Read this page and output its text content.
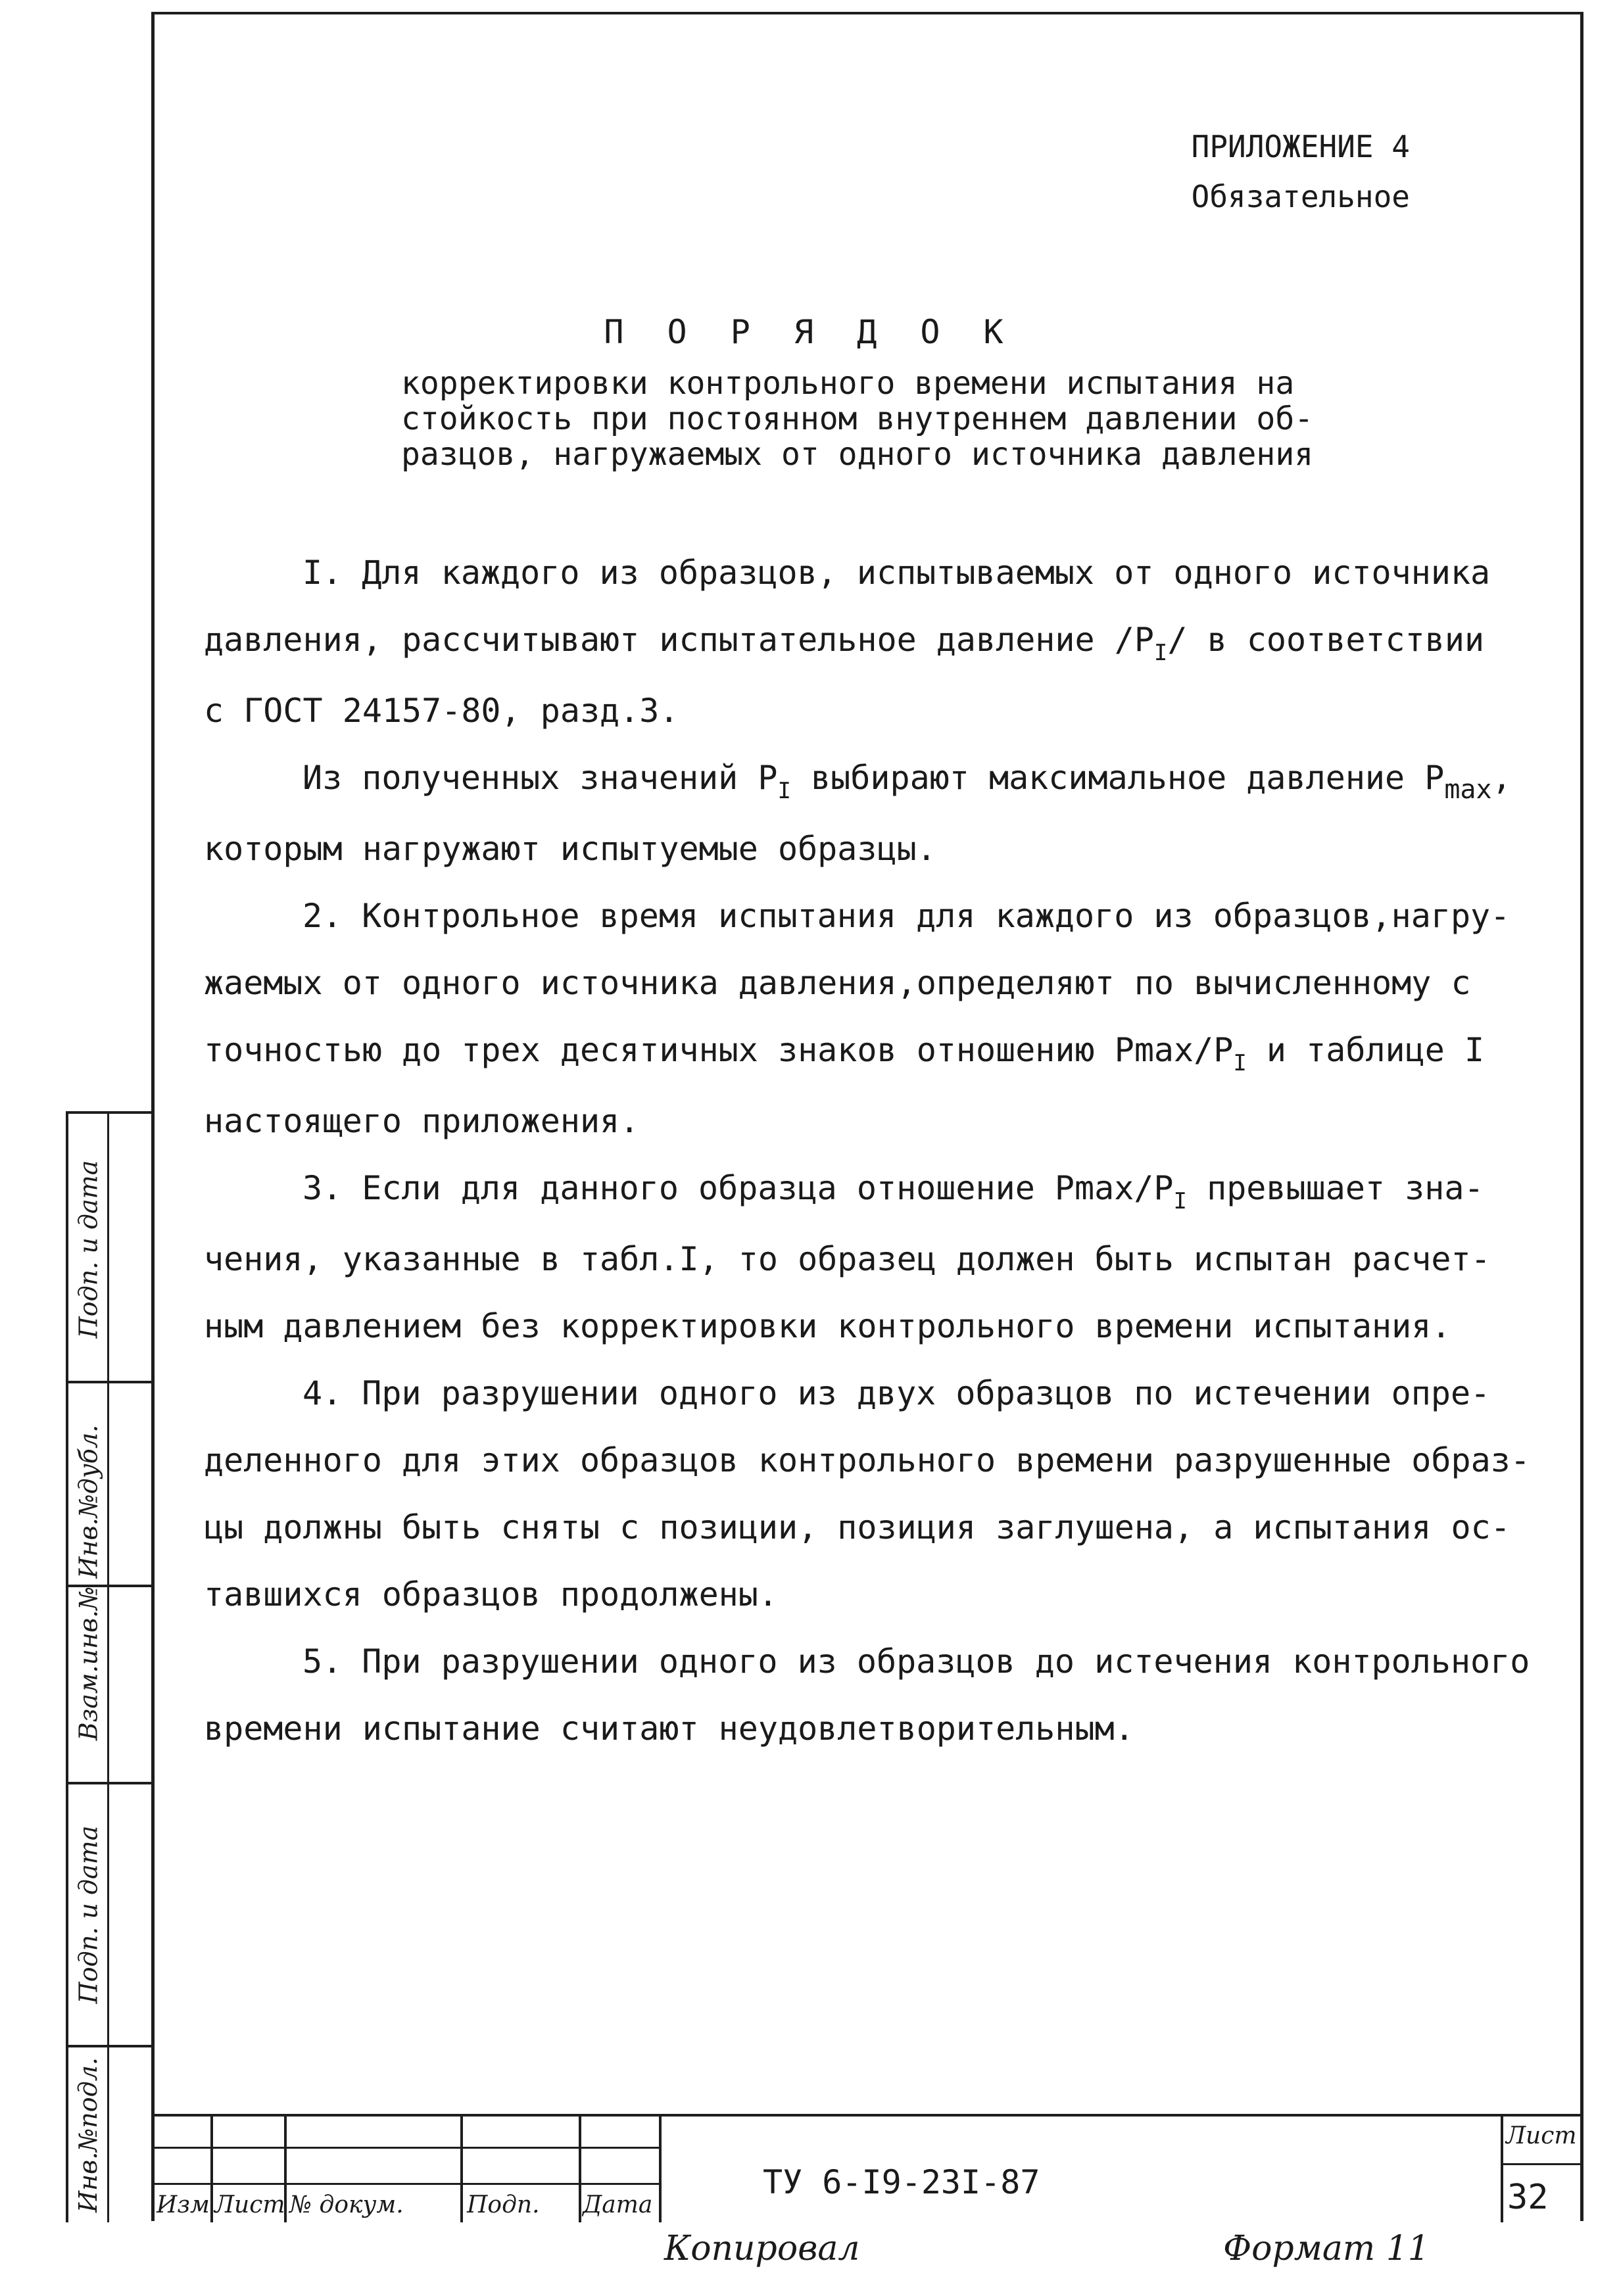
ПРИЛОЖЕНИЕ 4
Обязательное
П О Р Я Д О К
корректировки контрольного времени испытания на
стойкость при постоянном внутреннем давлении об-
разцов, нагружаемых от одного источника давления

I. Для каждого из образцов, испытываемых от одного источника

давления, рассчитывают испытательное давление $/P_I/$ в соответствии

с ГОСТ 24157-80, разд.3.

Из полученных значений $P_I$ выбирают максимальное давление $P_{max}$,

которым нагружают испытуемые образцы.

2. Контрольное время испытания для каждого из образцов,нагру-

жаемых от одного источника давления,определяют по вычисленному с

точностью до трех десятичных знаков отношению Pmax/$P_I$ и таблице I

настоящего приложения.

3. Если для данного образца отношение Pmax/$P_I$ превышает зна-

чения, указанные в табл.I, то образец должен быть испытан расчет-

ным давлением без корректировки контрольного времени испытания.

4. При разрушении одного из двух образцов по истечении опре-

деленного для этих образцов контрольного времени разрушенные образ-

цы должны быть сняты с позиции, позиция заглушена, а испытания ос-

тавшихся образцов продолжены.

5. При разрушении одного из образцов до истечения контрольного

времени испытание считают неудовлетворительным.

Подп. и дата
Взам.инв.№ Инв.№дубл.
Подп. и дата
Инв.№подл. Изм Лист № докум.	Подп. Дата
ТУ 6-I9-23I-87
Лист
32
Копировал	Формат 11
